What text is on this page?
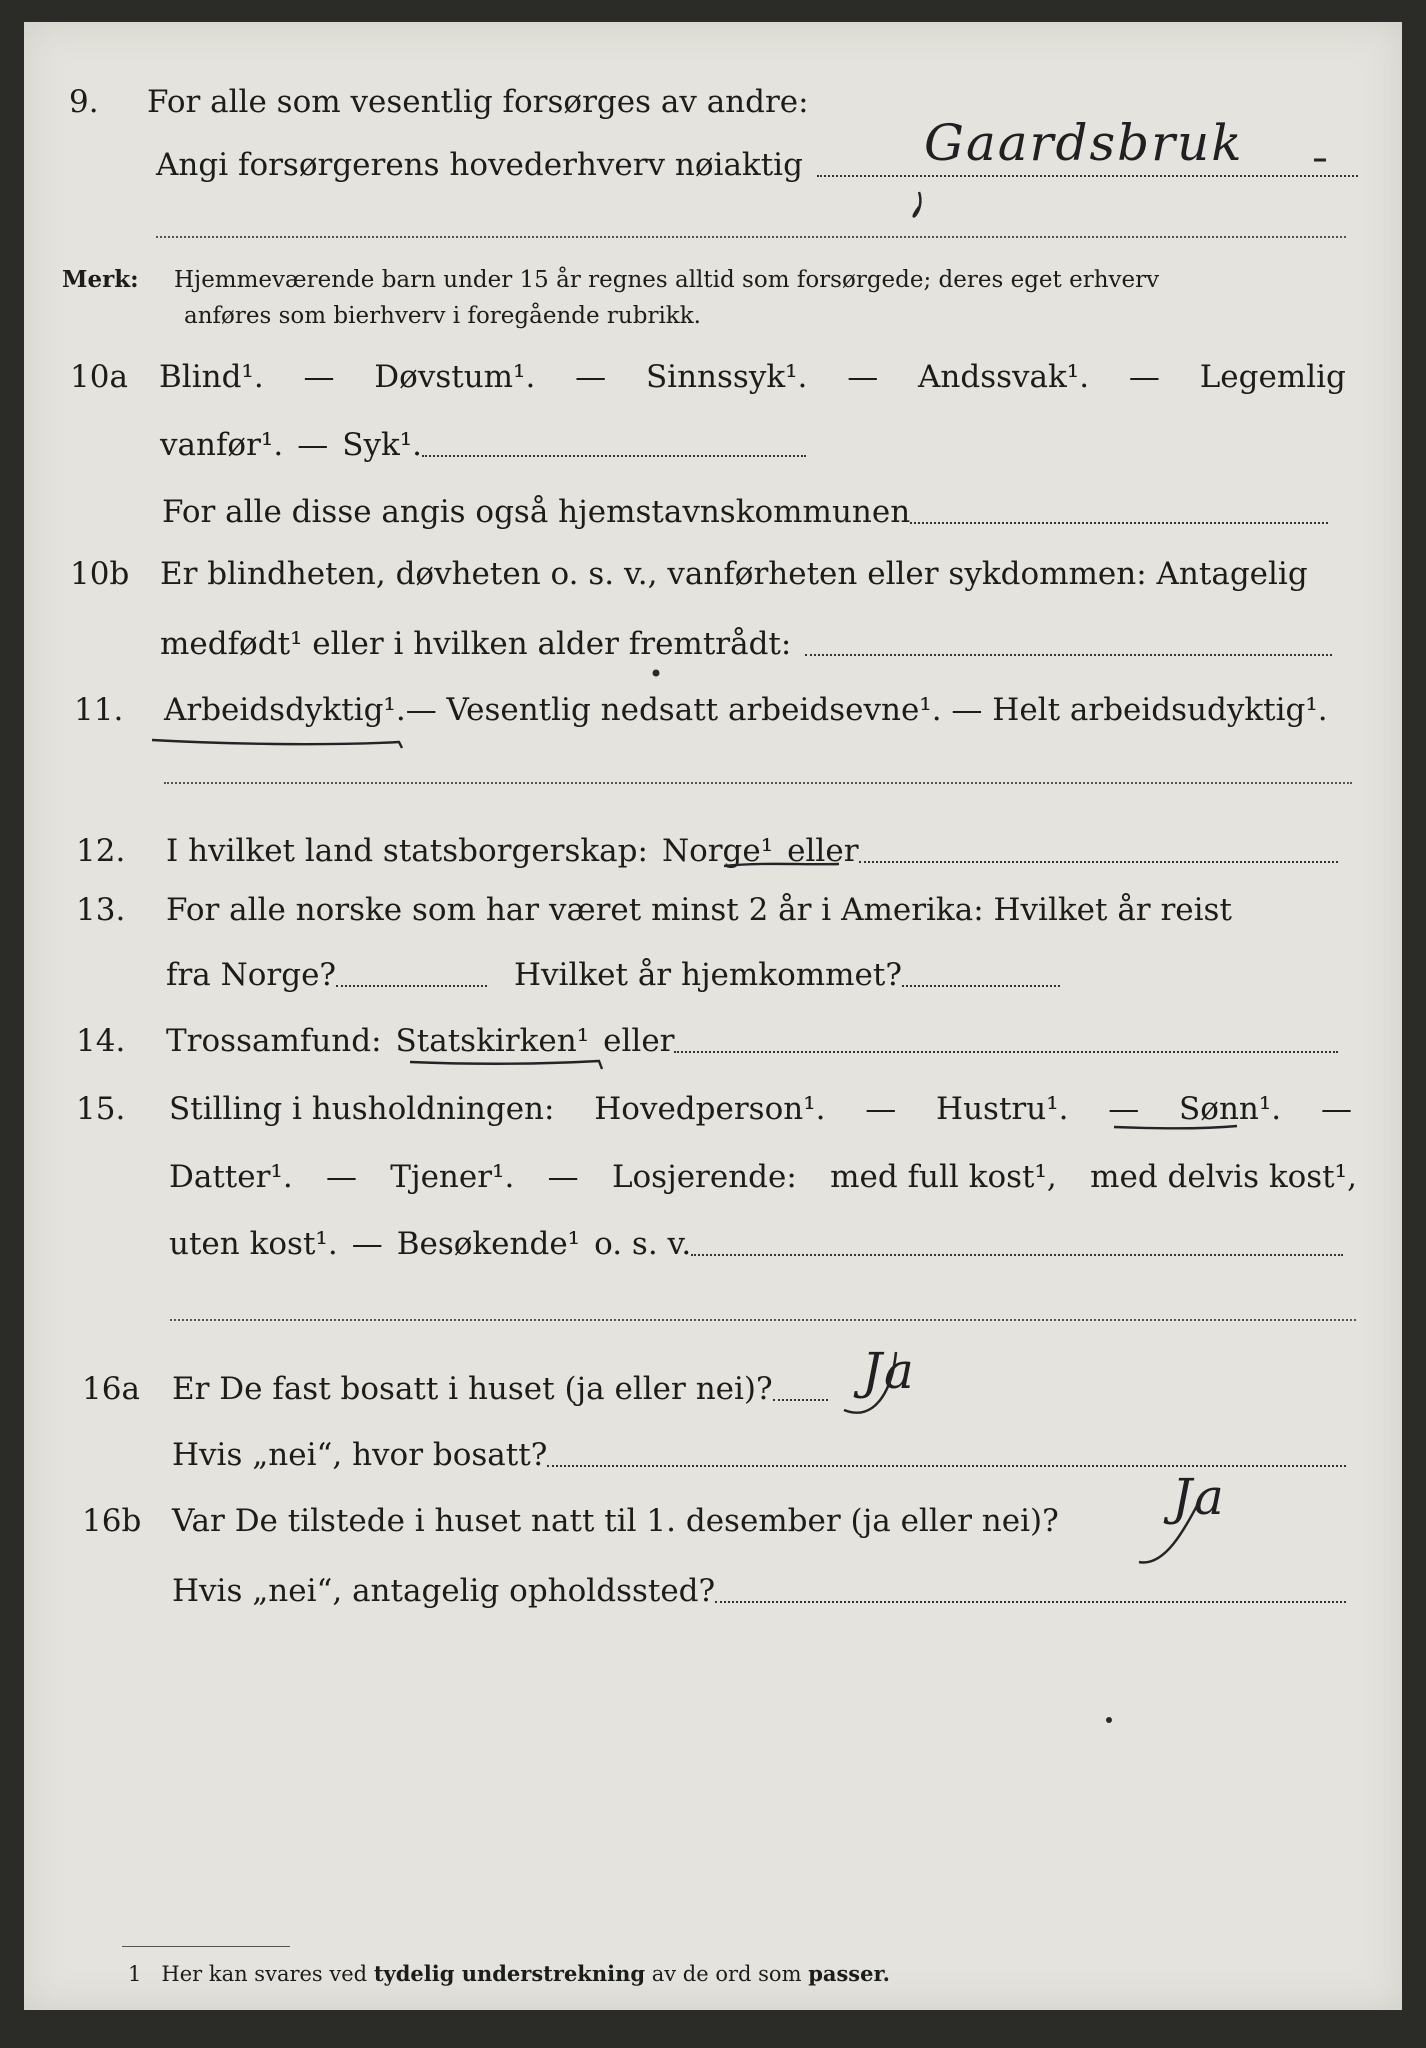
9. For alle som vesentlig forsørges av andre:
Angi forsørgerens hovederhverv nøiaktig Gaardsbruk
Merk: Hjemmeværende barn under 15 år regnes alltid som forsørgede; deres eget erhverv
anføres som bierhverv i foregående rubrikk.
10a Blind¹. — Døvstum¹. — Sinnssyk¹. — Andssvak¹. — Legemlig
vanfør¹. — Syk¹.
For alle disse angis også hjemstavnskommunen
10b Er blindheten, døvheten o. s. v., vanførheten eller sykdommen: Antagelig
medfødt¹ eller i hvilken alder fremtrådt:
11. Arbeidsdyktig¹. — Vesentlig nedsatt arbeidsevne¹. — Helt arbeidsudyktig¹.
12. I hvilket land statsborgerskap: Norge¹ eller
13. For alle norske som har været minst 2 år i Amerika: Hvilket år reist
fra Norge?	Hvilket år hjemkommet?
14. Trossamfund: Statskirken¹ eller
15. Stilling i husholdningen: Hovedperson¹. — Hustru¹. — Sønn¹. —
Datter¹. — Tjener¹. — Losjerende: med full kost¹, med delvis kost¹,
uten kost¹. — Besøkende¹ o. s. v.
16a Er De fast bosatt i huset (ja eller nei)? Ja
Hvis „nei“, hvor bosatt?
16b Var De tilstede i huset natt til 1. desember (ja eller nei)? Ja
Hvis „nei“, antagelig opholdssted?
1 Her kan svares ved tydelig understrekning av de ord som passer.
